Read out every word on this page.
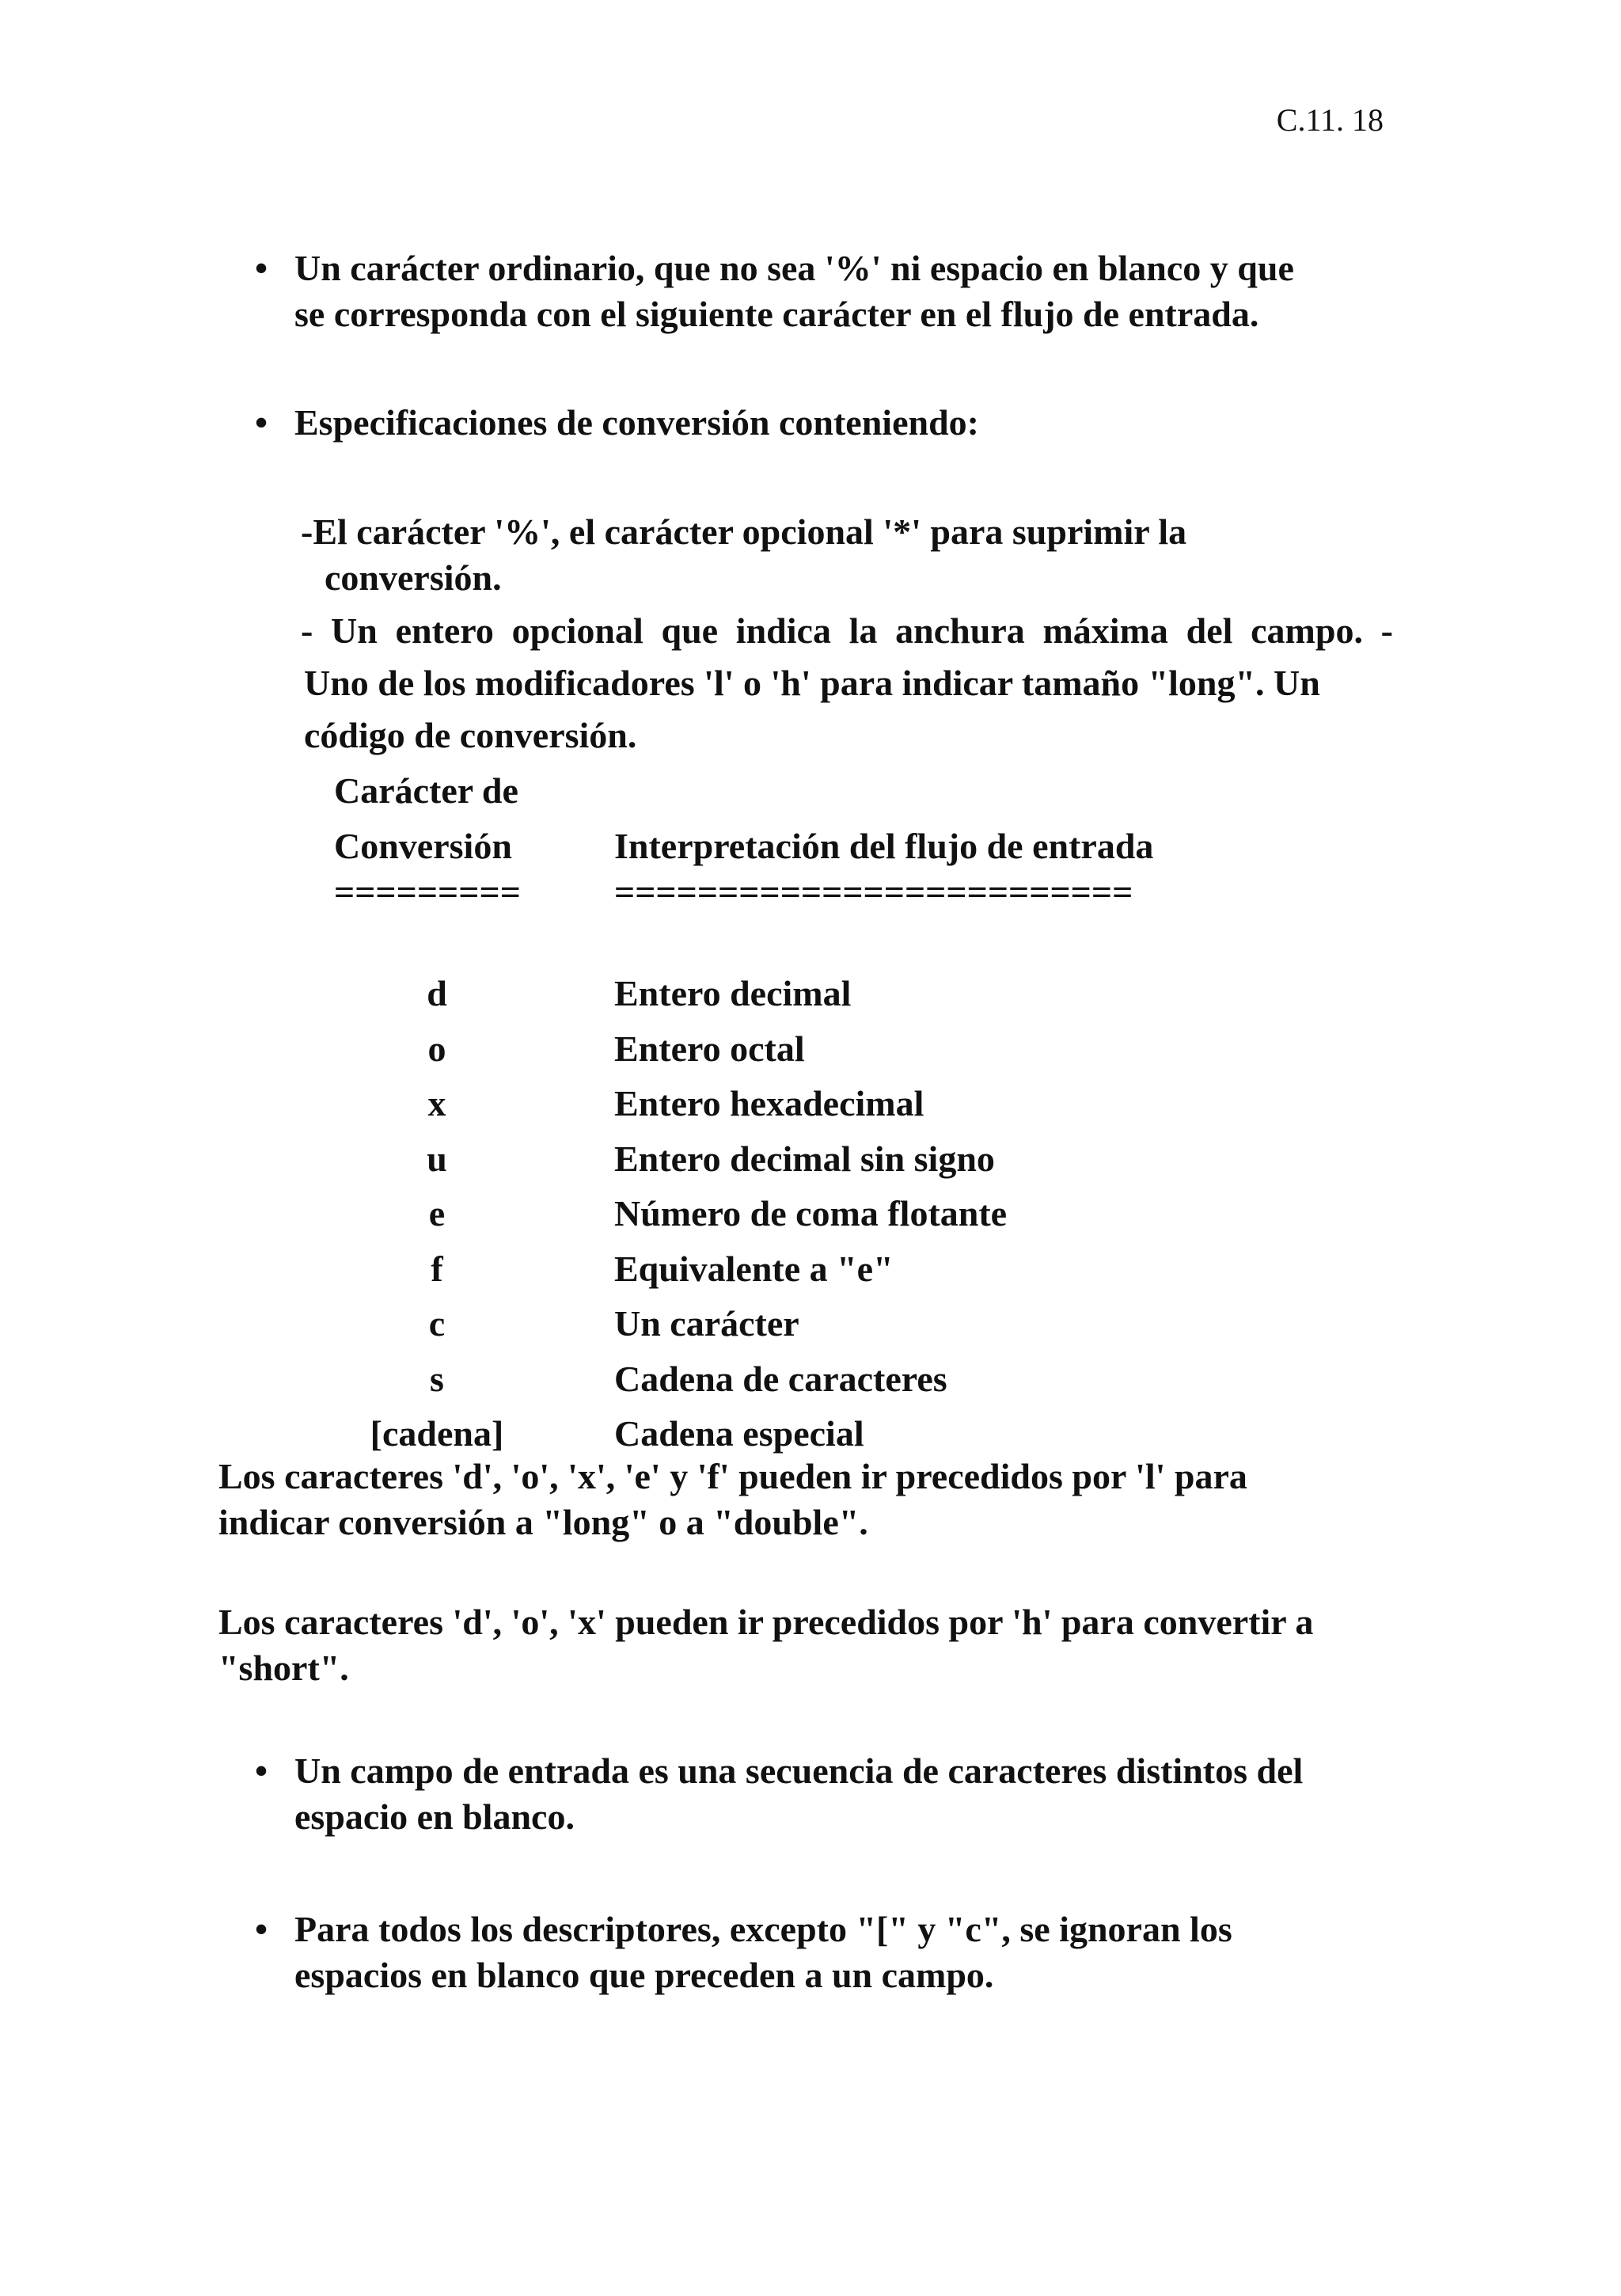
C.11. 18
• Un carácter ordinario, que no sea '%' ni espacio en blanco y que
se corresponda con el siguiente carácter en el flujo de entrada.

• Especificaciones de conversión conteniendo:

-El carácter '%', el carácter opcional '*' para suprimir la

conversión.

- Un entero opcional que indica la anchura máxima del campo. -

Uno de los modificadores 'l' o 'h' para indicar tamaño "long". Un

código de conversión.

Carácter de
Conversión	Interpretación del flujo de entrada
=========	=========================
d	Entero decimal
o	Entero octal
x	Entero hexadecimal
u	Entero decimal sin signo
e	Número de coma flotante
f	Equivalente a "e"
c	Un carácter
s	Cadena de caracteres
[cadena]	Cadena especial

Los caracteres 'd', 'o', 'x', 'e' y 'f' pueden ir precedidos por 'l' para
indicar conversión a "long" o a "double".

Los caracteres 'd', 'o', 'x' pueden ir precedidos por 'h' para convertir a
"short".

• Un campo de entrada es una secuencia de caracteres distintos del
espacio en blanco.

• Para todos los descriptores, excepto "[" y "c", se ignoran los
espacios en blanco que preceden a un campo.
